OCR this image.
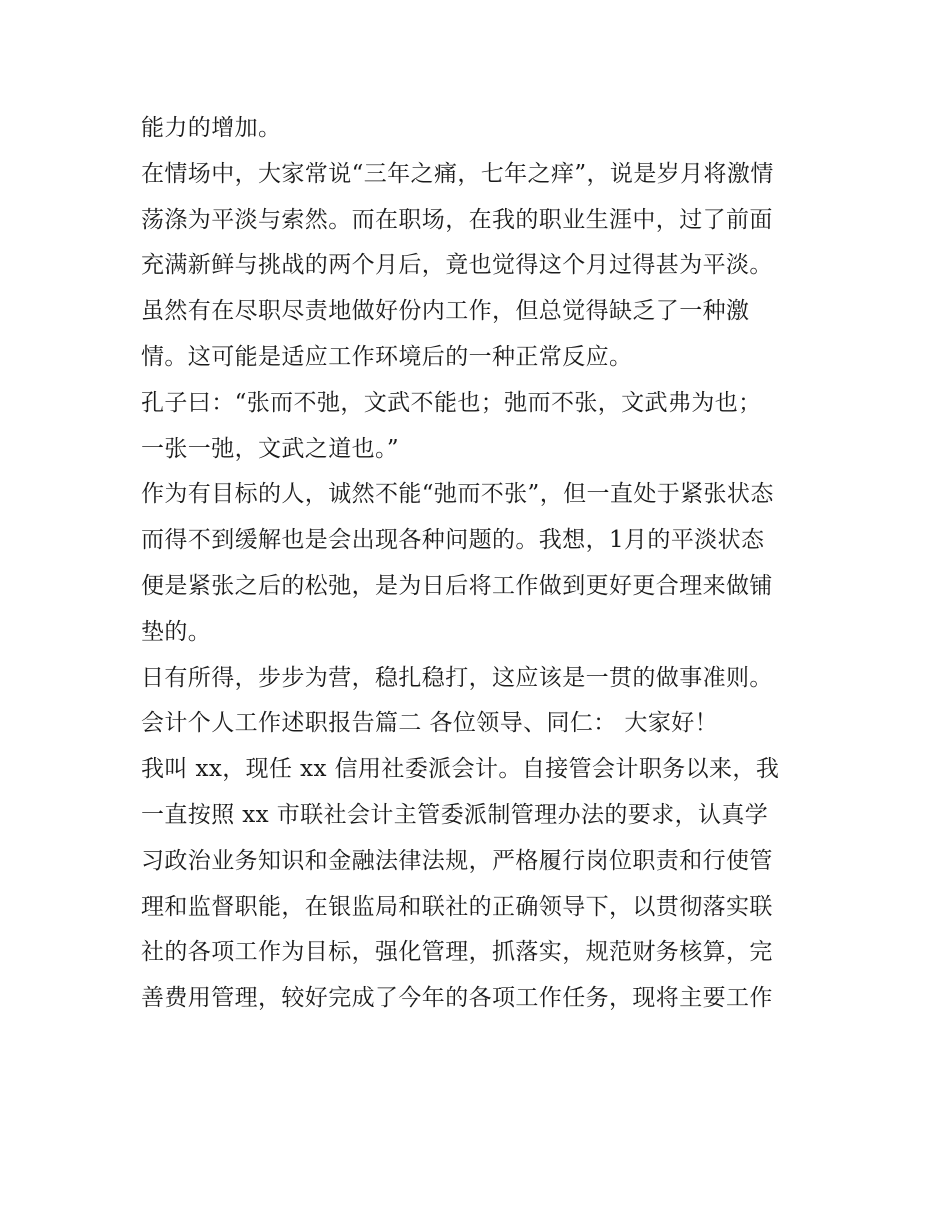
能力的增加。
在情场中，大家常说“三年之痛，七年之痒”，说是岁月将激情
荡涤为平淡与索然。而在职场，在我的职业生涯中，过了前面
充满新鲜与挑战的两个月后，竟也觉得这个月过得甚为平淡。
虽然有在尽职尽责地做好份内工作，但总觉得缺乏了一种激
情。这可能是适应工作环境后的一种正常反应。
孔子曰：“张而不弛，文武不能也；弛而不张，文武弗为也；
一张一弛，文武之道也。”
作为有目标的人，诚然不能“弛而不张”，但一直处于紧张状态
而得不到缓解也是会出现各种问题的。我想，1月的平淡状态
便是紧张之后的松弛，是为日后将工作做到更好更合理来做铺
垫的。
日有所得，步步为营，稳扎稳打，这应该是一贯的做事准则。
会计个人工作述职报告篇二 各位领导、同仁： 大家好！
我叫 xx，现任 xx 信用社委派会计。自接管会计职务以来，我
一直按照 xx 市联社会计主管委派制管理办法的要求，认真学
习政治业务知识和金融法律法规，严格履行岗位职责和行使管
理和监督职能，在银监局和联社的正确领导下，以贯彻落实联
社的各项工作为目标，强化管理，抓落实，规范财务核算，完
善费用管理，较好完成了今年的各项工作任务，现将主要工作
